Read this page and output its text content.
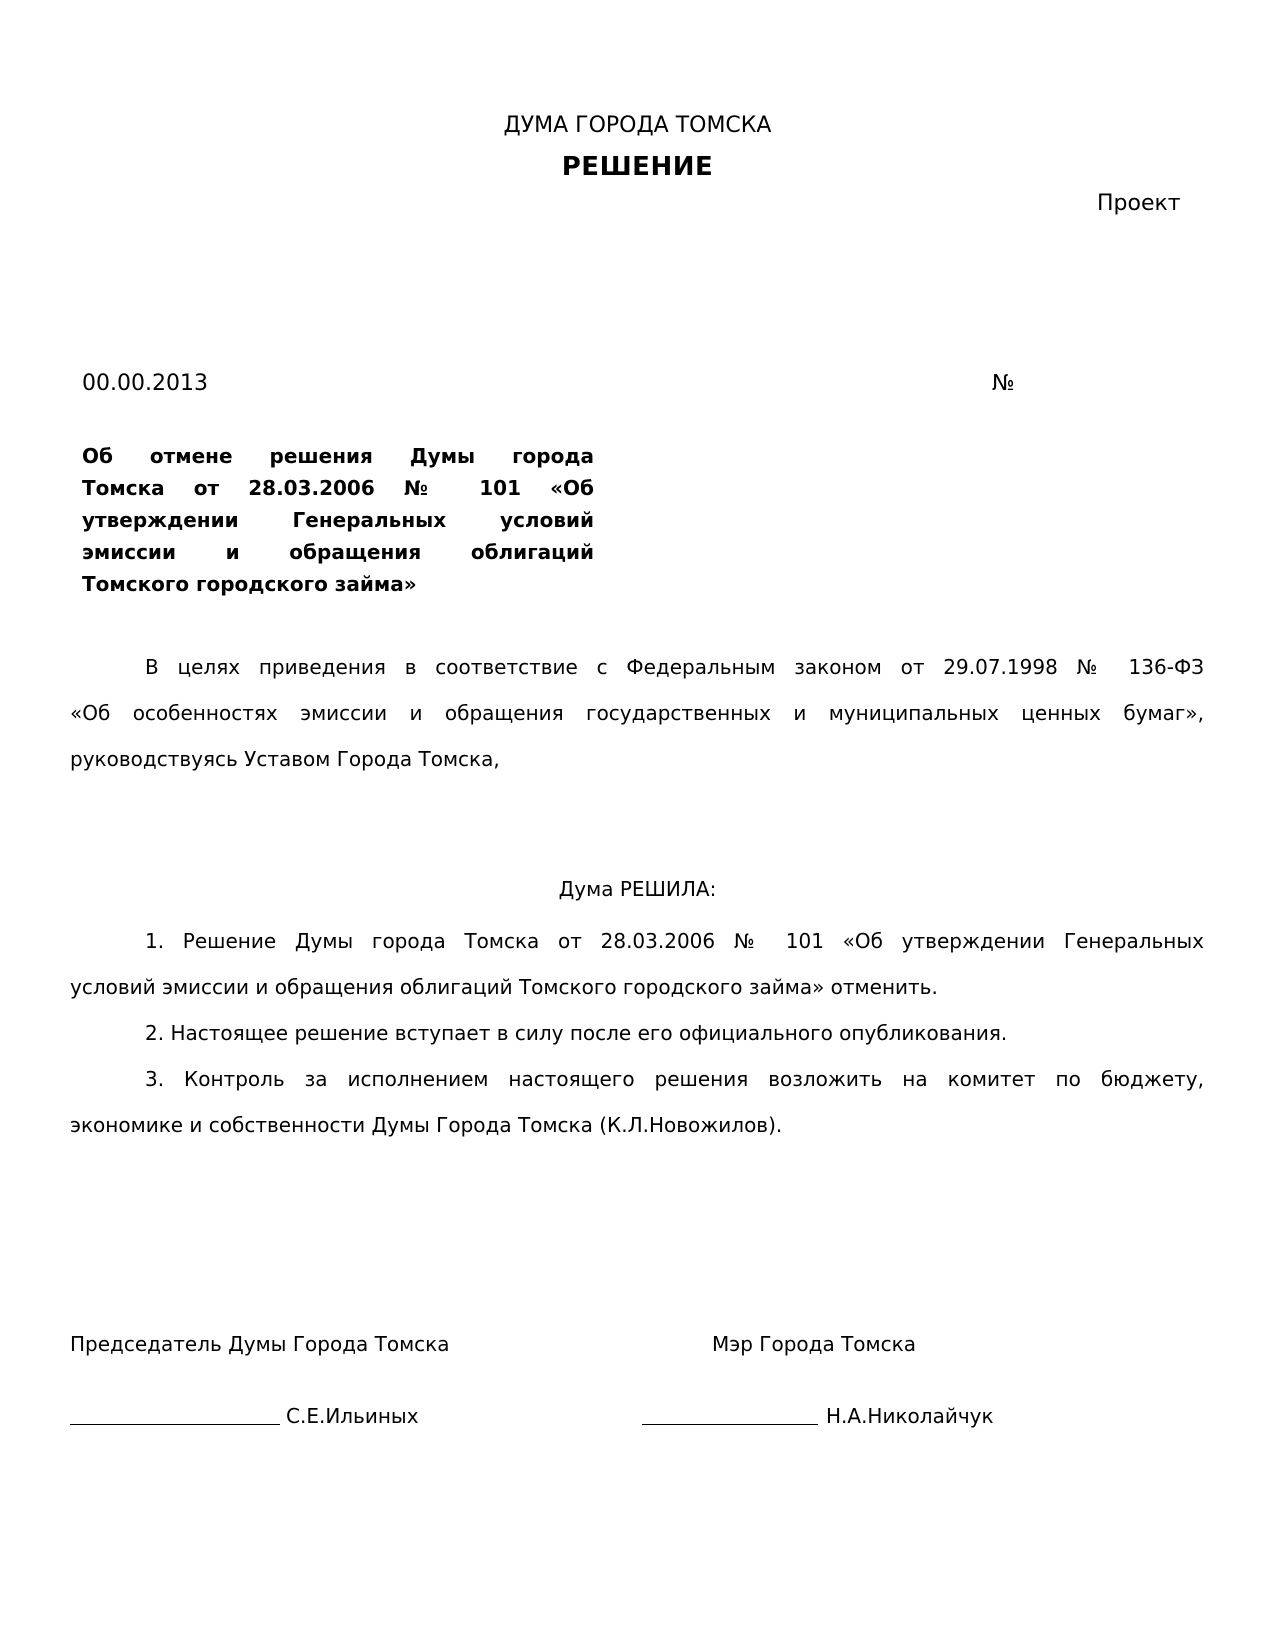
ДУМА ГОРОДА ТОМСКА
РЕШЕНИЕ
Проект
00.00.2013	№
Об отмене решения Думы города
Томска от 28.03.2006 № 101 «Об
утверждении Генеральных условий
эмиссии и обращения облигаций
Томского городского займа»
В целях приведения в соответствие с Федеральным законом от 29.07.1998 № 136-ФЗ
«Об особенностях эмиссии и обращения государственных и муниципальных ценных бумаг»,
руководствуясь Уставом Города Томска,
Дума РЕШИЛА:
1. Решение Думы города Томска от 28.03.2006 № 101 «Об утверждении Генеральных
условий эмиссии и обращения облигаций Томского городского займа» отменить.
2. Настоящее решение вступает в силу после его официального опубликования.
3. Контроль за исполнением настоящего решения возложить на комитет по бюджету,
экономике и собственности Думы Города Томска (К.Л.Новожилов).
Председатель Думы Города Томска
С.Е.Ильиных
Мэр Города Томска
Н.А.Николайчук
